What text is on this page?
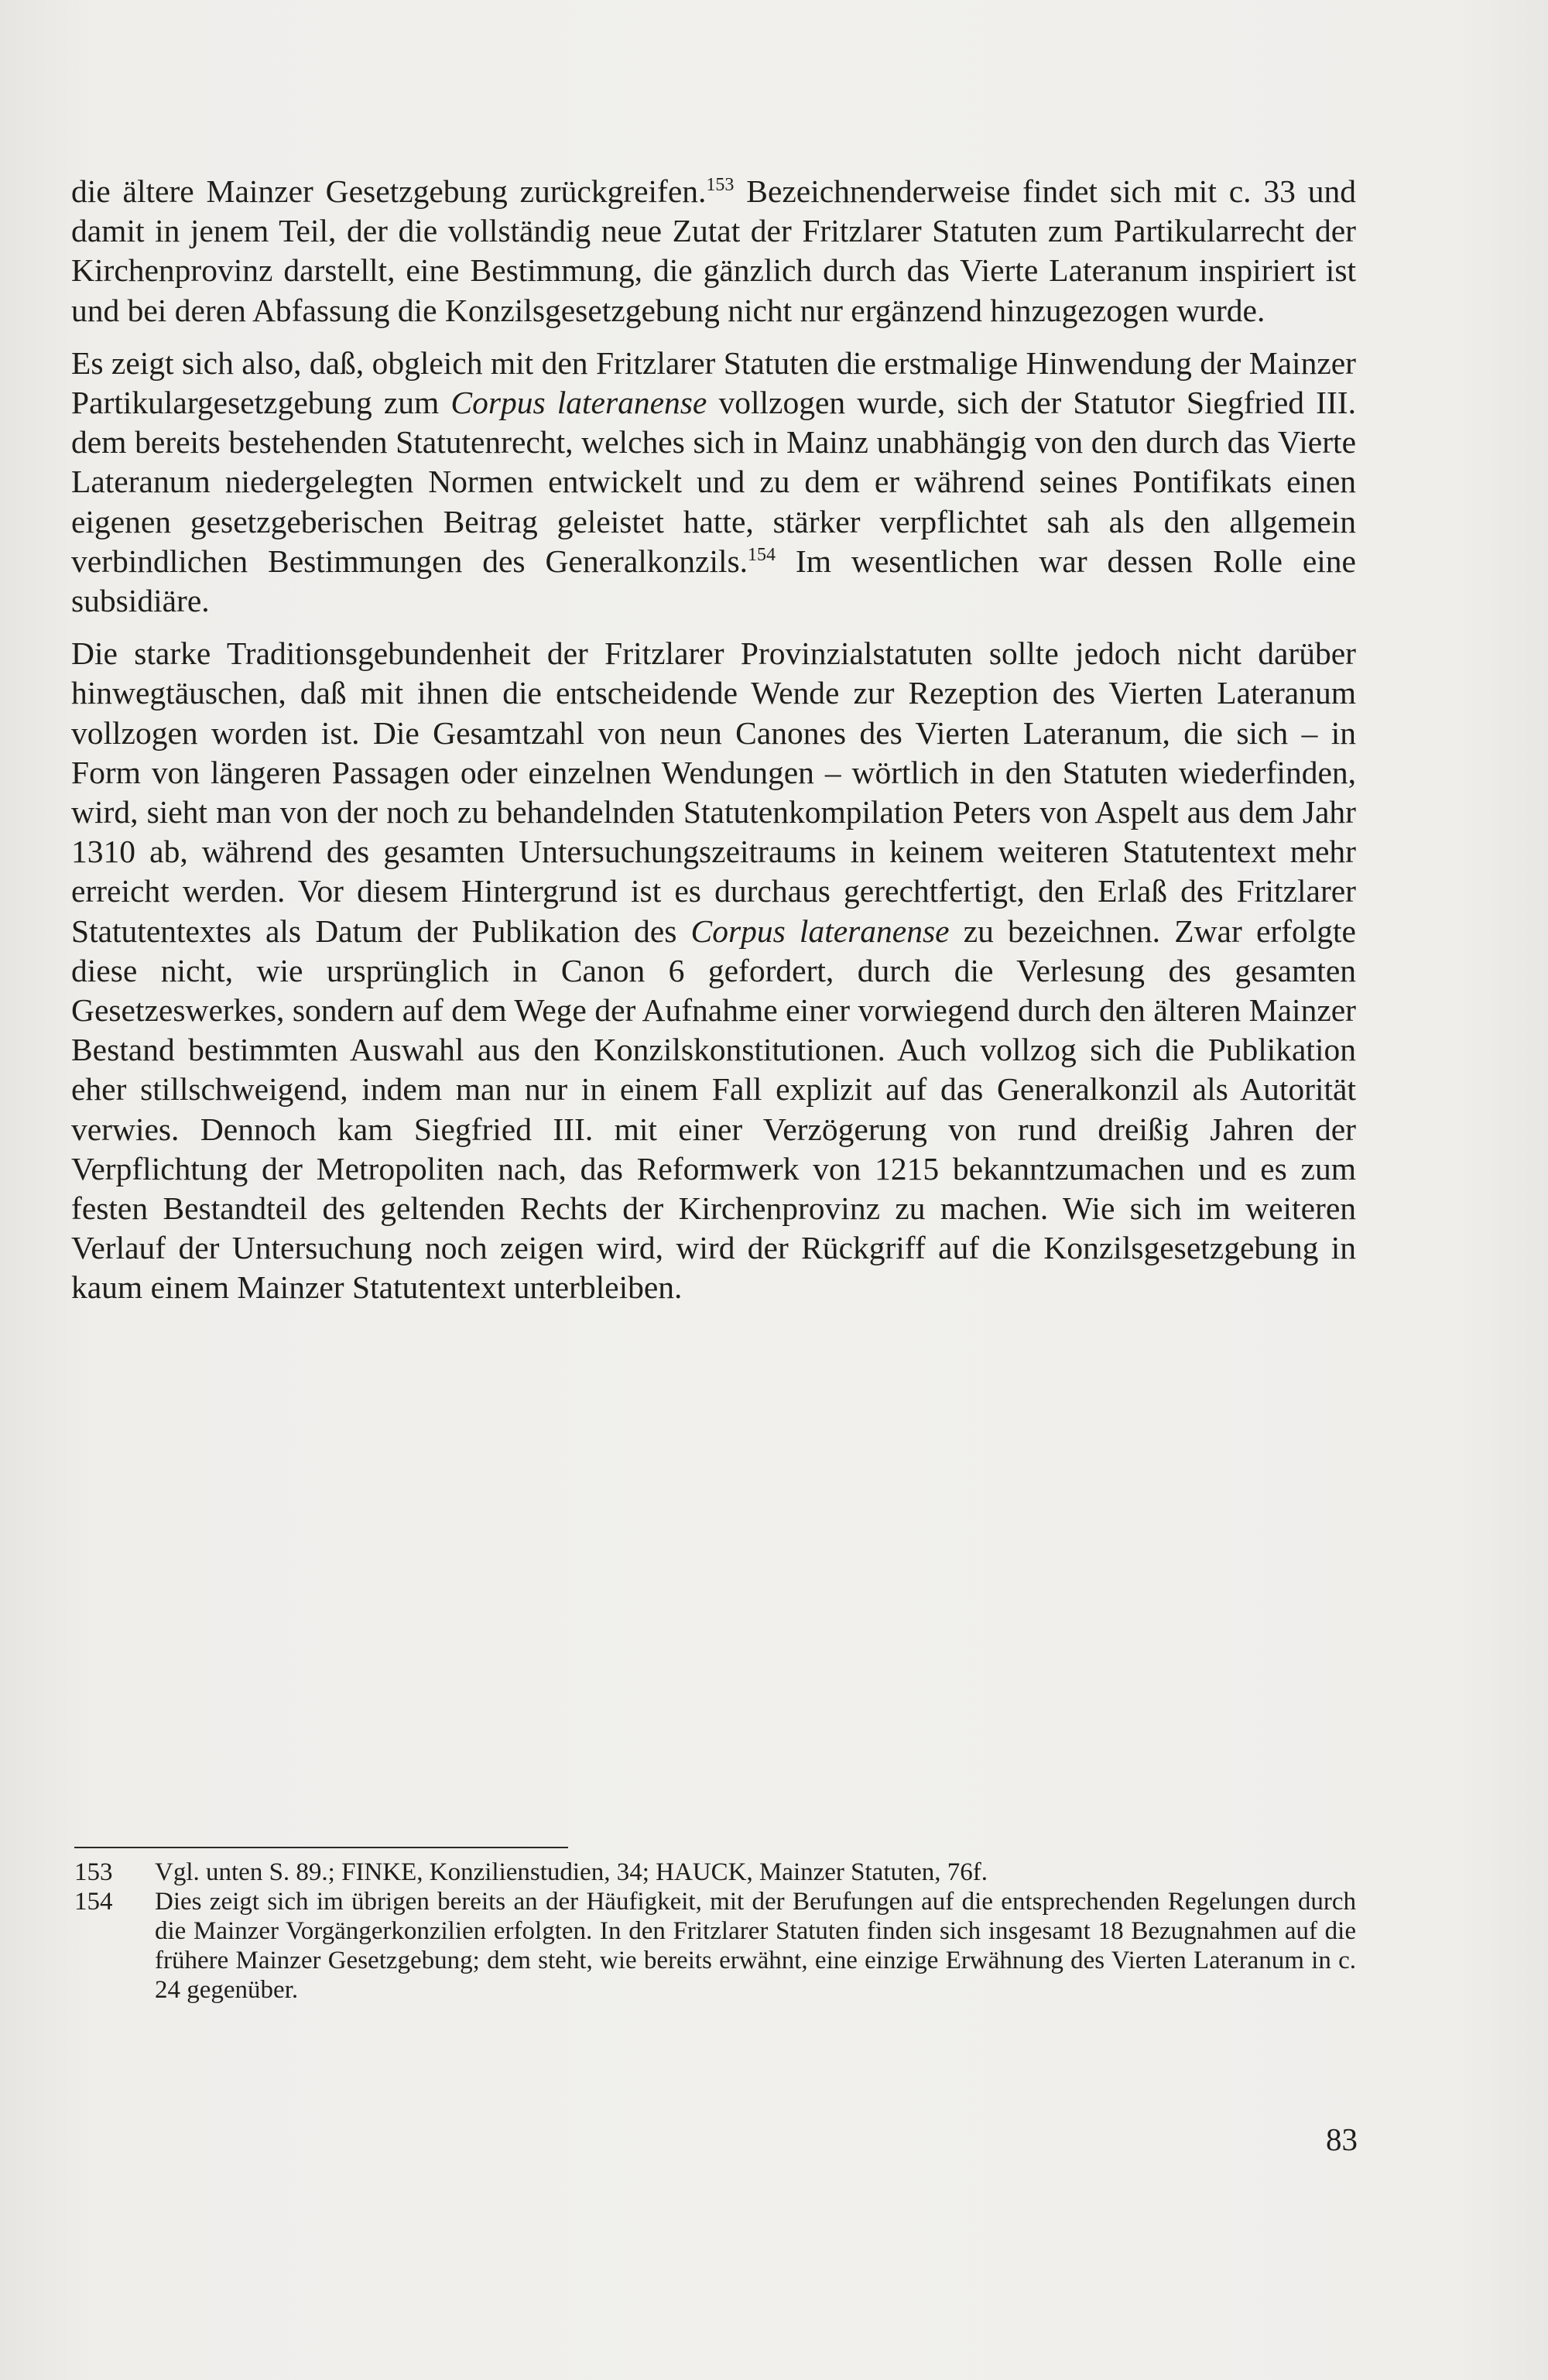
die ältere Mainzer Gesetzgebung zurückgreifen.$^{153}$ Bezeichnenderweise findet sich mit c. 33 und damit in jenem Teil, der die vollständig neue Zutat der Fritzlarer Statuten zum Partikularrecht der Kirchenprovinz darstellt, eine Bestimmung, die gänzlich durch das Vierte Lateranum inspiriert ist und bei deren Abfassung die Konzilsgesetzgebung nicht nur ergänzend hinzugezogen wurde.

Es zeigt sich also, daß, obgleich mit den Fritzlarer Statuten die erstmalige Hinwendung der Mainzer Partikulargesetzgebung zum Corpus lateranense vollzogen wurde, sich der Statutor Siegfried III. dem bereits bestehenden Statutenrecht, welches sich in Mainz unabhängig von den durch das Vierte Lateranum niedergelegten Normen entwickelt und zu dem er während seines Pontifikats einen eigenen gesetzgeberischen Beitrag geleistet hatte, stärker verpflichtet sah als den allgemein verbindlichen Bestimmungen des Generalkonzils.$^{154}$ Im wesentlichen war dessen Rolle eine subsidiäre.

Die starke Traditionsgebundenheit der Fritzlarer Provinzialstatuten sollte jedoch nicht darüber hinwegtäuschen, daß mit ihnen die entscheidende Wende zur Rezeption des Vierten Lateranum vollzogen worden ist. Die Gesamtzahl von neun Canones des Vierten Lateranum, die sich – in Form von längeren Passagen oder einzelnen Wendungen – wörtlich in den Statuten wiederfinden, wird, sieht man von der noch zu behandelnden Statutenkompilation Peters von Aspelt aus dem Jahr 1310 ab, während des gesamten Untersuchungszeitraums in keinem weiteren Statutentext mehr erreicht werden. Vor diesem Hintergrund ist es durchaus gerechtfertigt, den Erlaß des Fritzlarer Statutentextes als Datum der Publikation des Corpus lateranense zu bezeichnen. Zwar erfolgte diese nicht, wie ursprünglich in Canon 6 gefordert, durch die Verlesung des gesamten Gesetzeswerkes, sondern auf dem Wege der Aufnahme einer vorwiegend durch den älteren Mainzer Bestand bestimmten Auswahl aus den Konzilskonstitutionen. Auch vollzog sich die Publikation eher stillschweigend, indem man nur in einem Fall explizit auf das Generalkonzil als Autorität verwies. Dennoch kam Siegfried III. mit einer Verzögerung von rund dreißig Jahren der Verpflichtung der Metropoliten nach, das Reformwerk von 1215 bekanntzumachen und es zum festen Bestandteil des geltenden Rechts der Kirchenprovinz zu machen. Wie sich im weiteren Verlauf der Untersuchung noch zeigen wird, wird der Rückgriff auf die Konzilsgesetzgebung in kaum einem Mainzer Statutentext unterbleiben.

153	Vgl. unten S. 89.; FINKE, Konzilienstudien, 34; HAUCK, Mainzer Statuten, 76f.
154	Dies zeigt sich im übrigen bereits an der Häufigkeit, mit der Berufungen auf die entsprechenden Regelungen durch die Mainzer Vorgängerkonzilien erfolgten. In den Fritzlarer Statuten finden sich insgesamt 18 Bezugnahmen auf die frühere Mainzer Gesetzgebung; dem steht, wie bereits erwähnt, eine einzige Erwähnung des Vierten Lateranum in c. 24 gegenüber.
83
